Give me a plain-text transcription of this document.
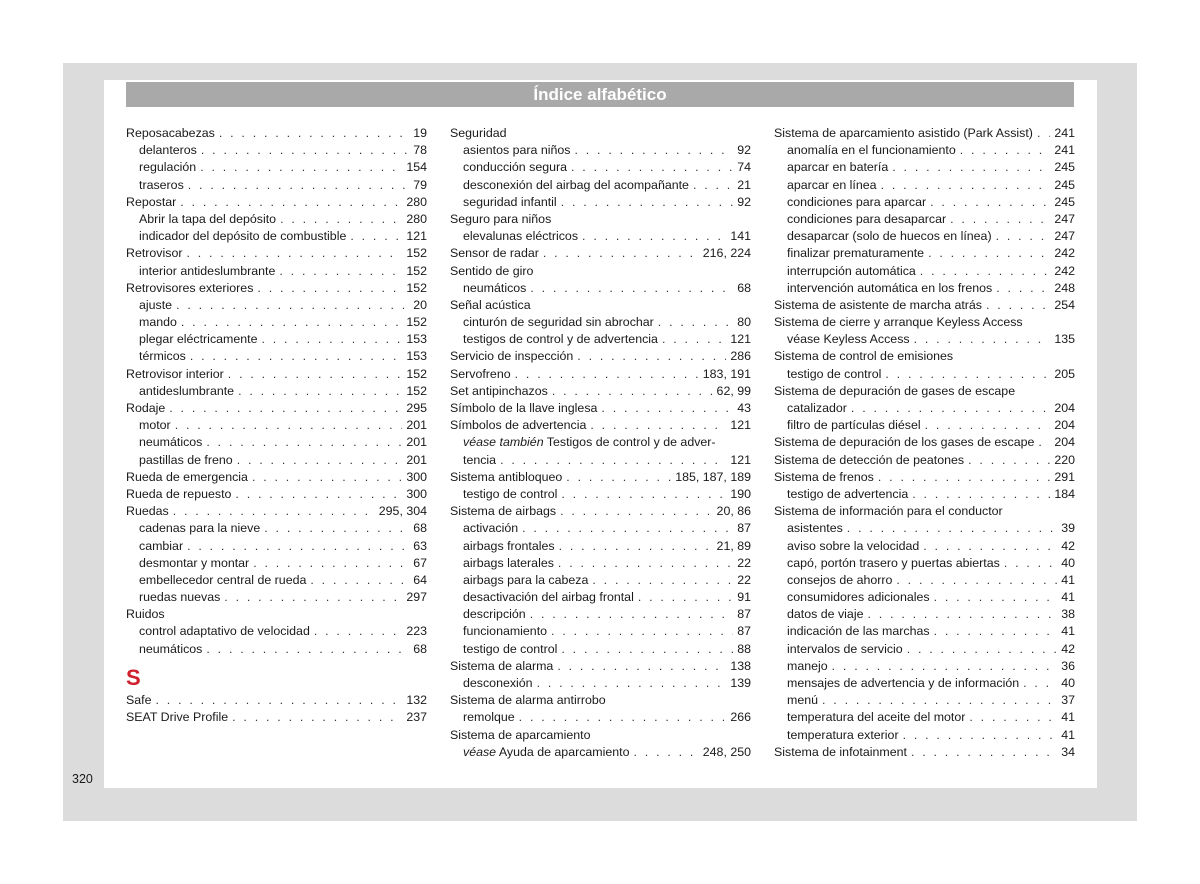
Índice alfabético
Reposacabezas . . .	19
delanteros . . .	78
regulación . . .	154
traseros . . .	79
Repostar . . .	280
Abrir la tapa del depósito . . .	280
indicador del depósito de combustible . . .	121
Retrovisor . . .	152
interior antideslumbrante . . .	152
Retrovisores exteriores . . .	152
ajuste . . .	20
mando . . .	152
plegar eléctricamente . . .	153
térmicos . . .	153
Retrovisor interior . . .	152
antideslumbrante . . .	152
Rodaje . . .	295
motor . . .	201
neumáticos . . .	201
pastillas de freno . . .	201
Rueda de emergencia . . .	300
Rueda de repuesto . . .	300
Ruedas . . .	295, 304
cadenas para la nieve . . .	68
cambiar . . .	63
desmontar y montar . . .	67
embellecedor central de rueda . . .	64
ruedas nuevas . . .	297
Ruidos
control adaptativo de velocidad . . .	223
neumáticos . . .	68
S
Safe . . .	132
SEAT Drive Profile . . .	237
Seguridad
asientos para niños . . .	92
conducción segura . . .	74
desconexión del airbag del acompañante . . .	21
seguridad infantil . . .	92
Seguro para niños
elevalunas eléctricos . . .	141
Sensor de radar . . .	216, 224
Sentido de giro
neumáticos . . .	68
Señal acústica
cinturón de seguridad sin abrochar . . .	80
testigos de control y de advertencia . . .	121
Servicio de inspección . . .	286
Servofreno . . .	183, 191
Set antipinchazos . . .	62, 99
Símbolo de la llave inglesa . . .	43
Símbolos de advertencia . . .	121
véase también Testigos de control y de adver-
tencia . . .	121
Sistema antibloqueo . . .	185, 187, 189
testigo de control . . .	190
Sistema de airbags . . .	20, 86
activación . . .	87
airbags frontales . . .	21, 89
airbags laterales . . .	22
airbags para la cabeza . . .	22
desactivación del airbag frontal . . .	91
descripción . . .	87
funcionamiento . . .	87
testigo de control . . .	88
Sistema de alarma . . .	138
desconexión . . .	139
Sistema de alarma antirrobo
remolque . . .	266
Sistema de aparcamiento
véase Ayuda de aparcamiento . . .	248, 250
Sistema de aparcamiento asistido (Park Assist) . . . 241
anomalía en el funcionamiento . . .	241
aparcar en batería . . .	245
aparcar en línea . . .	245
condiciones para aparcar . . .	245
condiciones para desaparcar . . .	247
desaparcar (solo de huecos en línea) . . .	247
finalizar prematuramente . . .	242
interrupción automática . . .	242
intervención automática en los frenos . . .	248
Sistema de asistente de marcha atrás . . .	254
Sistema de cierre y arranque Keyless Access
véase Keyless Access . . .	135
Sistema de control de emisiones
testigo de control . . .	205
Sistema de depuración de gases de escape
catalizador . . .	204
filtro de partículas diésel . . .	204
Sistema de depuración de los gases de escape . . . 204
Sistema de detección de peatones . . .	220
Sistema de frenos . . .	291
testigo de advertencia . . .	184
Sistema de información para el conductor
asistentes . . .	39
aviso sobre la velocidad . . .	42
capó, portón trasero y puertas abiertas . . .	40
consejos de ahorro . . .	41
consumidores adicionales . . .	41
datos de viaje . . .	38
indicación de las marchas . . .	41
intervalos de servicio . . .	42
manejo . . .	36
mensajes de advertencia y de información . . .	40
menú . . .	37
temperatura del aceite del motor . . .	41
temperatura exterior . . .	41
Sistema de infotainment . . .	34
320
